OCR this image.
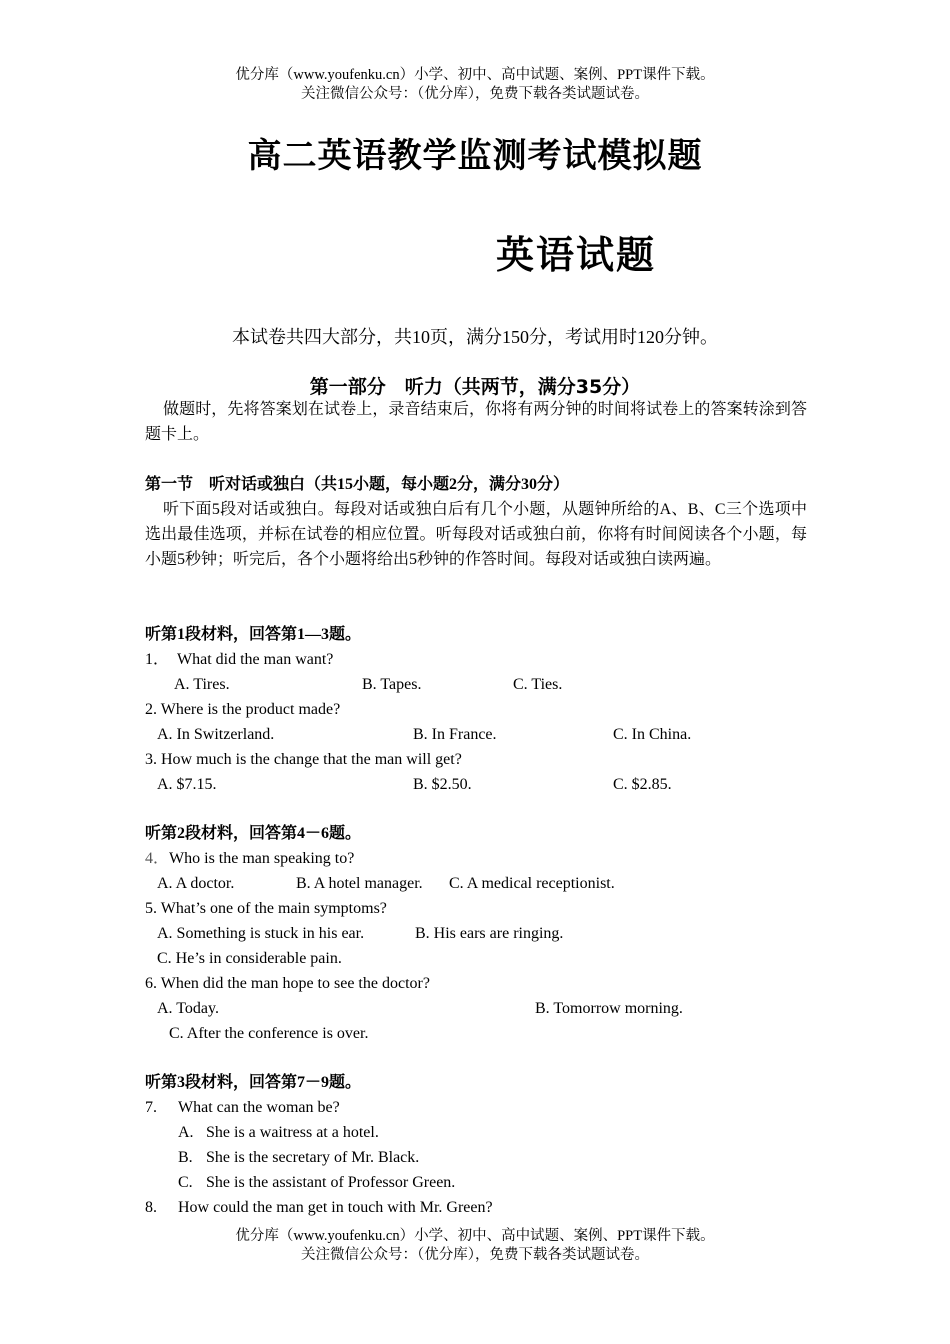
优分库（www.youfenku.cn）小学、初中、高中试题、案例、PPT课件下载。
关注微信公众号：（优分库），免费下载各类试题试卷。
高二英语教学监测考试模拟题
英语试题
本试卷共四大部分，共10页，满分150分，考试用时120分钟。
第一部分　听力（共两节，满分35分）
做题时，先将答案划在试卷上，录音结束后，你将有两分钟的时间将试卷上的答案转涂到答题卡上。
第一节　听对话或独白（共15小题，每小题2分，满分30分）
听下面5段对话或独白。每段对话或独白后有几个小题，从题钟所给的A、B、C三个选项中选出最佳选项，并标在试卷的相应位置。听每段对话或独白前，你将有时间阅读各个小题，每小题5秒钟；听完后，各个小题将给出5秒钟的作答时间。每段对话或独白读两遍。
听第1段材料，回答第1—3题。
1．　What did the man want?
A. Tires.	B. Tapes.	C. Ties.
2. Where is the product made?
A. In Switzerland.	B. In France.	C. In China.
3. How much is the change that the man will get?
A. $7.15.	B. $2.50.	C. $2.85.
听第2段材料，回答第4－6题。
4．Who is the man speaking to?
A. A doctor.	B. A hotel manager. C. A medical receptionist.
5. What’s one of the main symptoms?
A. Something is stuck in his ear.	B. His ears are ringing.
C. He’s in considerable pain.
6. When did the man hope to see the doctor?
A. Today.	B. Tomorrow morning.
C. After the conference is over.
听第3段材料，回答第7－9题。
7. What can the woman be?
A. She is a waitress at a hotel.
B. She is the secretary of Mr. Black.
C. She is the assistant of Professor Green.
8. How could the man get in touch with Mr. Green?
优分库（www.youfenku.cn）小学、初中、高中试题、案例、PPT课件下载。
关注微信公众号：（优分库），免费下载各类试题试卷。
